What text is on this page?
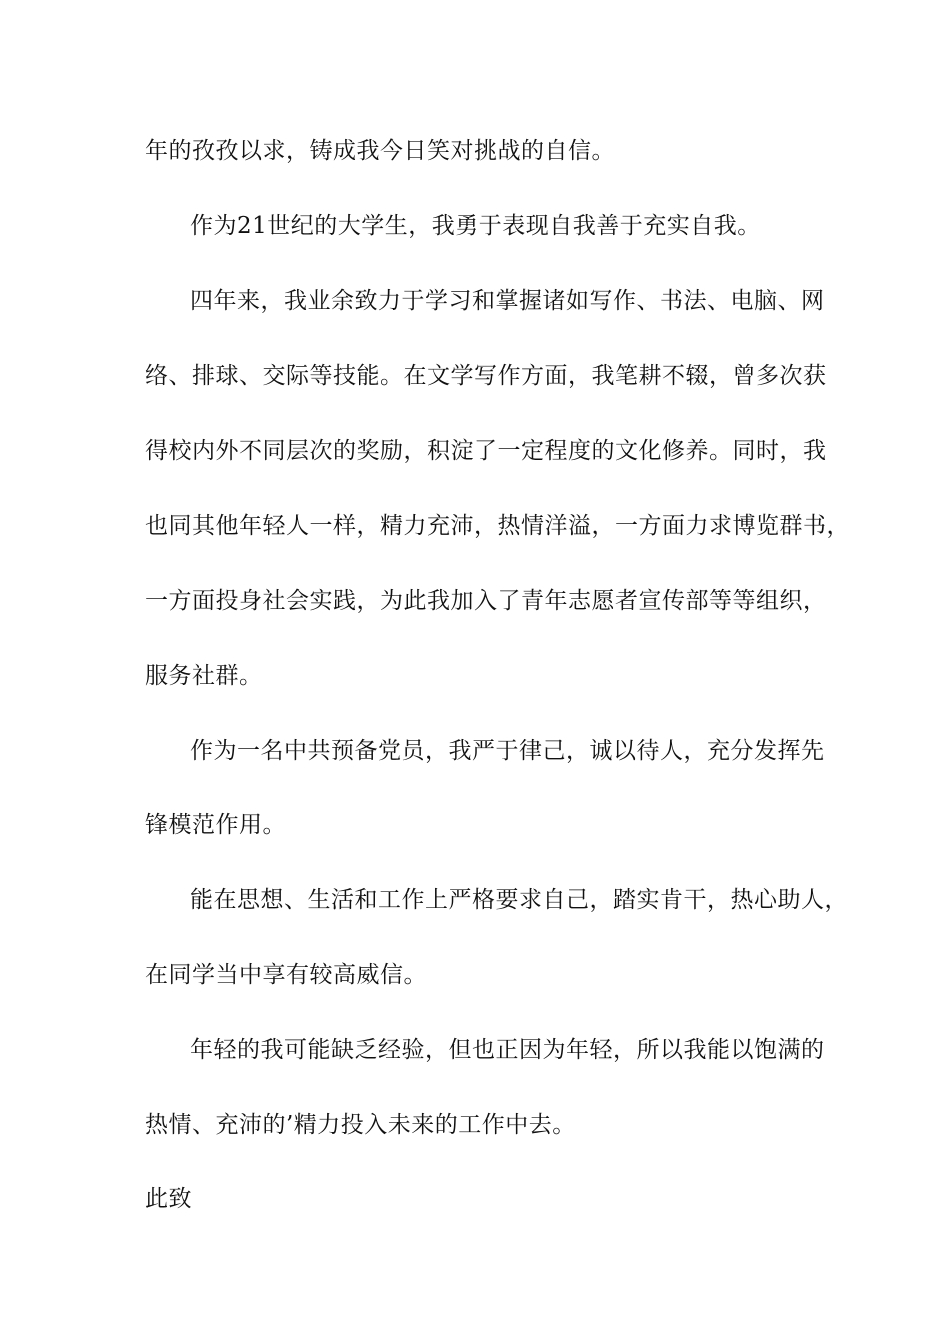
年的孜孜以求，铸成我今日笑对挑战的自信。
作为21世纪的大学生，我勇于表现自我善于充实自我。
四年来，我业余致力于学习和掌握诸如写作、书法、电脑、网
络、排球、交际等技能。在文学写作方面，我笔耕不辍，曾多次获
得校内外不同层次的奖励，积淀了一定程度的文化修养。同时，我
也同其他年轻人一样，精力充沛，热情洋溢，一方面力求博览群书，
一方面投身社会实践，为此我加入了青年志愿者宣传部等等组织，
服务社群。
作为一名中共预备党员，我严于律己，诚以待人，充分发挥先
锋模范作用。
能在思想、生活和工作上严格要求自己，踏实肯干，热心助人，
在同学当中享有较高威信。
年轻的我可能缺乏经验，但也正因为年轻，所以我能以饱满的
热情、充沛的’精力投入未来的工作中去。
此致
